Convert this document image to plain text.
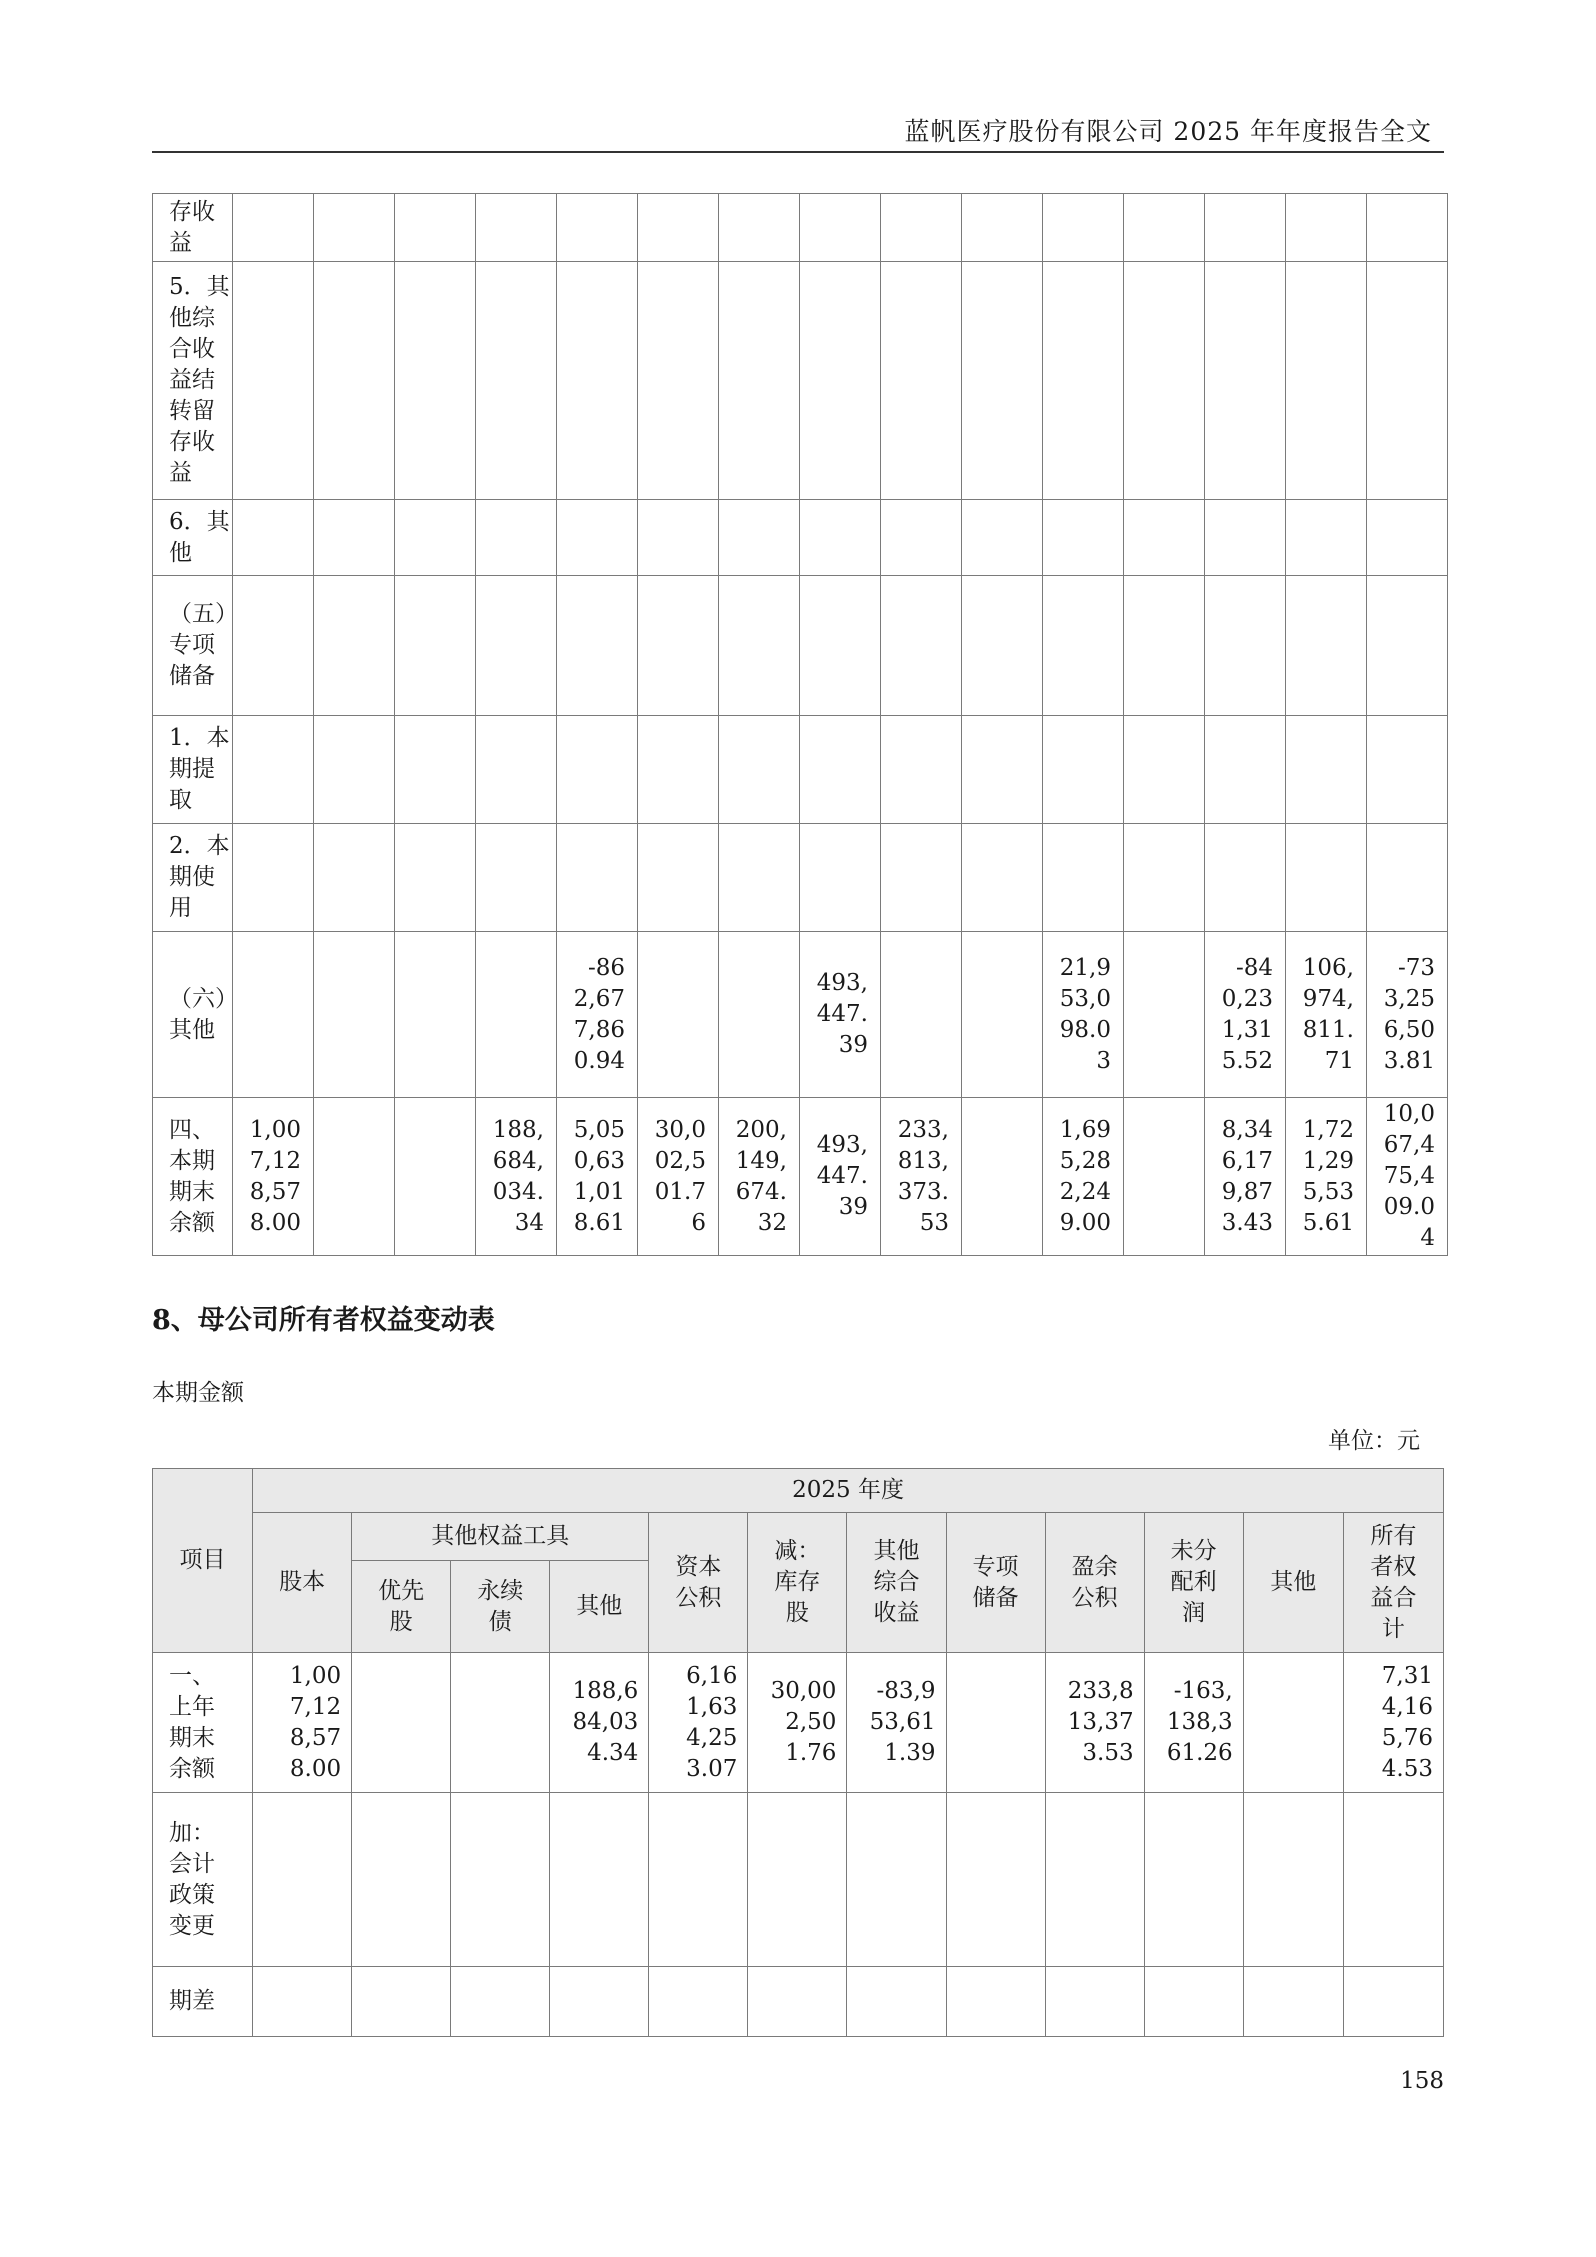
蓝帆医疗股份有限公司 2025 年年度报告全文
存收益															
5．其他综合收益结转留存收益															
6．其他															
（五）专项储备															
1．本期提取															
2．本期使用															
（六）其他					-862,677,860.94			493,447.39			21,953,098.03		-840,231,315.52	106,974,811.71	-733,256,503.81
四、本期期末余额	1,007,128,578.00			188,684,034.34	5,050,631,018.61	30,002,501.76	200,149,674.32	493,447.39	233,813,373.53		1,695,282,249.00		8,346,179,873.43	1,721,295,535.61	10,067,475,409.04
8、母公司所有者权益变动表
本期金额
单位：元
项目	2025 年度											
	股本	其他权益工具			资本公积	减：库存股	其他综合收益	专项储备	盈余公积	未分配利润	其他	所有者权益合计
		优先股	永续债	其他								
一、上年期末余额	1,007,128,578.00			188,684,034.34	6,161,634,253.07	30,002,501.76	-83,953,611.39		233,813,373.53	-163,138,361.26		7,314,165,764.53
加：会计政策变更												
期差												
158
